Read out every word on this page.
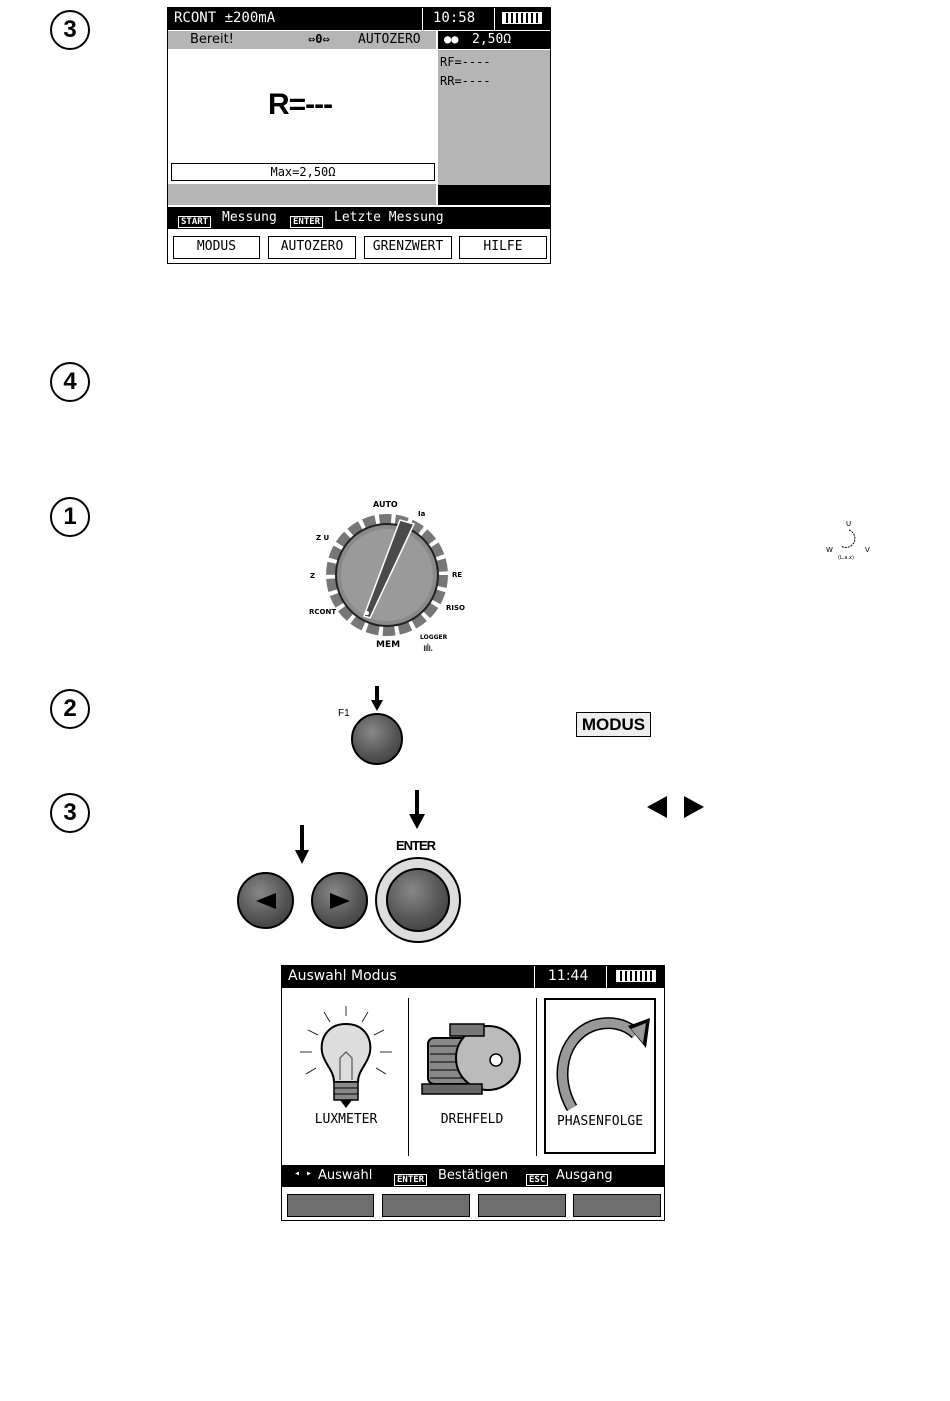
3
4
1
2
3
RCONT ±200mA	10:58
Bereit!	⇔0⇔ AUTOZERO ●● 2,50Ω
R=---
RF=----
RR=----
Max=2,50Ω
START Messung	ENTER Letzte Messung
MODUS	AUTOZERO	GRENZWERT	HILFE
Z U
Z
Ia
RE
RISO
RCONT
AUTO
MEM
LOGGER
ıılı.
U
W	V
(L.a.x)
F1
MODUS
ENTER
Auswahl Modus	11:44
LUXMETER	DREHFELD	PHASENFOLGE
◂ ▸ Auswahl	ENTER Bestätigen	ESC Ausgang
